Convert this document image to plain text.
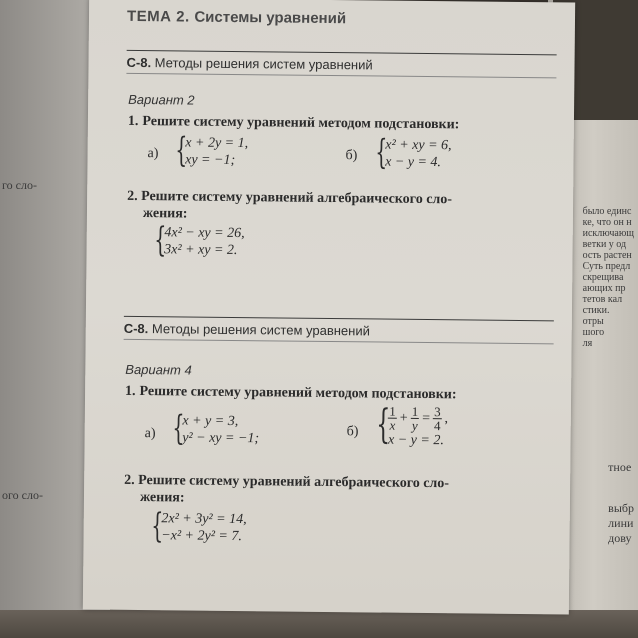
го сло-
ого сло-
было единс
ке, что он н
исключающ
ветки у од
ость растен
Суть предл
скрещива
ающих пр
тетов кал
стики.
отры
шого
ля
тное
выбр
лини
дову
ТЕМА 2. Системы уравнений
С-8. Методы решения систем уравнений
Вариант 2
1. Решите систему уравнений методом подстановки:
а) {
x + 2y = 1,
xy = −1;	б) {
x² + xy = 6,
x − y = 4.
2. Решите систему уравнений алгебраического сло-
жения:
{
4x² − xy = 26,
3x² + xy = 2.
С-8. Методы решения систем уравнений
Вариант 4
1. Решите систему уравнений методом подстановки:
а) {
x + y = 3,
y² − xy = −1;	б) {
$\frac{1}{x} + \frac{1}{y} = \frac{3}{4}$ ,
x − y = 2.
2. Решите систему уравнений алгебраического сло-
жения:
{
2x² + 3y² = 14,
−x² + 2y² = 7.
